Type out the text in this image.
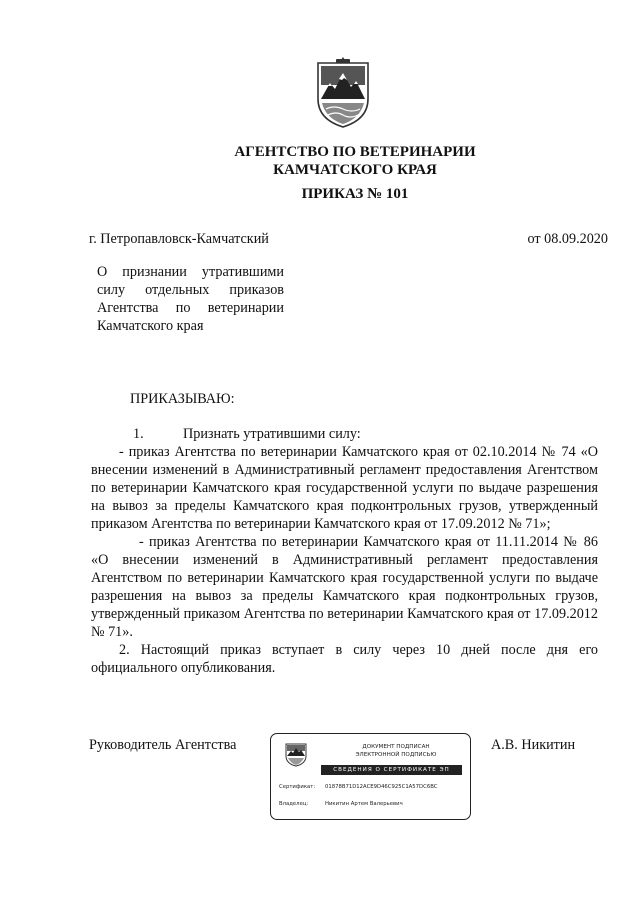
АГЕНТСТВО ПО ВЕТЕРИНАРИИ
КАМЧАТСКОГО КРАЯ
ПРИКАЗ № 101
г. Петропавловск-Камчатский	от 08.09.2020
О признании утратившими силу отдельных приказов Агентства по ветеринарии Камчатского края
ПРИКАЗЫВАЮ:

1.	Признать утратившими силу:

- приказ Агентства по ветеринарии Камчатского края от 02.10.2014 № 74 «О внесении изменений в Административный регламент предоставления Агентством по ветеринарии Камчатского края государственной услуги по выдаче разрешения на вывоз за пределы Камчатского края подконтрольных грузов, утвержденный приказом Агентства по ветеринарии Камчатского края от 17.09.2012 № 71»;

- приказ Агентства по ветеринарии Камчатского края от 11.11.2014 № 86 «О внесении изменений в Административный регламент предоставления Агентством по ветеринарии Камчатского края государственной услуги по выдаче разрешения на вывоз за пределы Камчатского края подконтрольных грузов, утвержденный приказом Агентства по ветеринарии Камчатского края от 17.09.2012 № 71».

2. Настоящий приказ вступает в силу через 10 дней после дня его официального опубликования.

Руководитель Агентства	А.В. Никитин
ДОКУМЕНТ ПОДПИСАН
ЭЛЕКТРОННОЙ ПОДПИСЬЮ
СВЕДЕНИЯ О СЕРТИФИКАТЕ ЭП
Сертификат: 01878B71D12ACE9D46C925C1A57DC6BC
Владелец:	Никитин Артем Валерьевич
